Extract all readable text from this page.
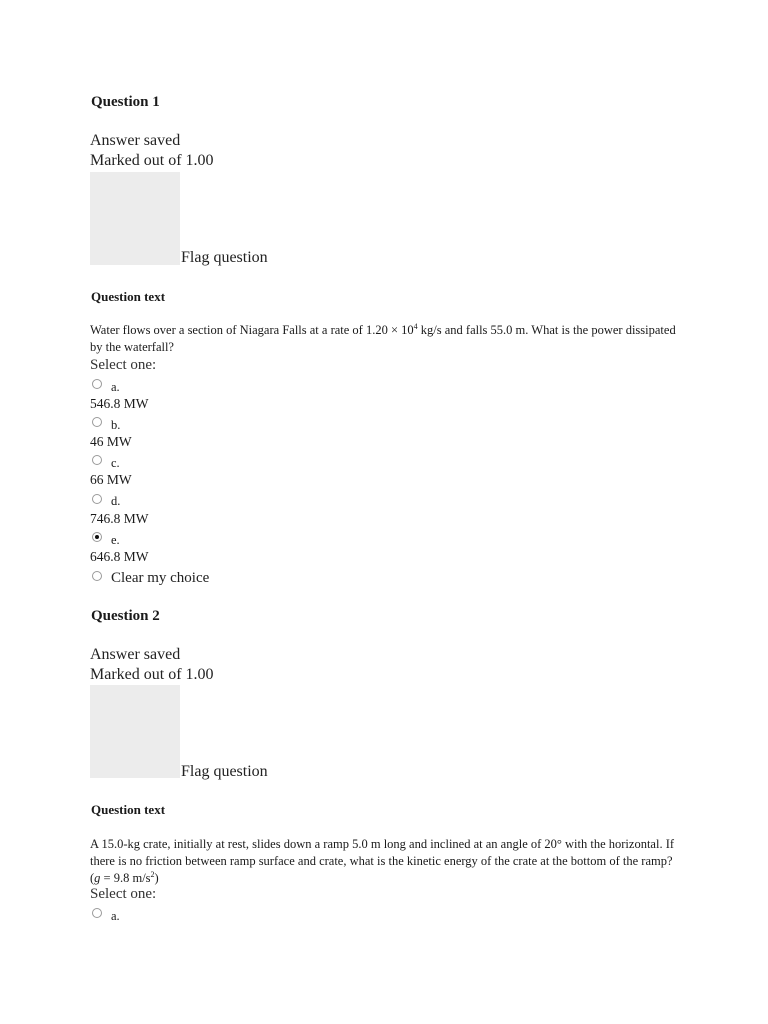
Question 1
Answer saved
Marked out of 1.00
Flag question
Question text
Water flows over a section of Niagara Falls at a rate of $1.20 \times 10^4$ kg/s and falls 55.0 m. What is the power dissipated by the waterfall?
Select one:
a.
546.8 MW
b.
46 MW
c.
66 MW
d.
746.8 MW
e.
646.8 MW
Clear my choice
Question 2
Answer saved
Marked out of 1.00
Flag question
Question text
A 15.0-kg crate, initially at rest, slides down a ramp 5.0 m long and inclined at an angle of 20° with the horizontal. If there is no friction between ramp surface and crate, what is the kinetic energy of the crate at the bottom of the ramp? (g = 9.8 $m/s^2$)
Select one:
a.
